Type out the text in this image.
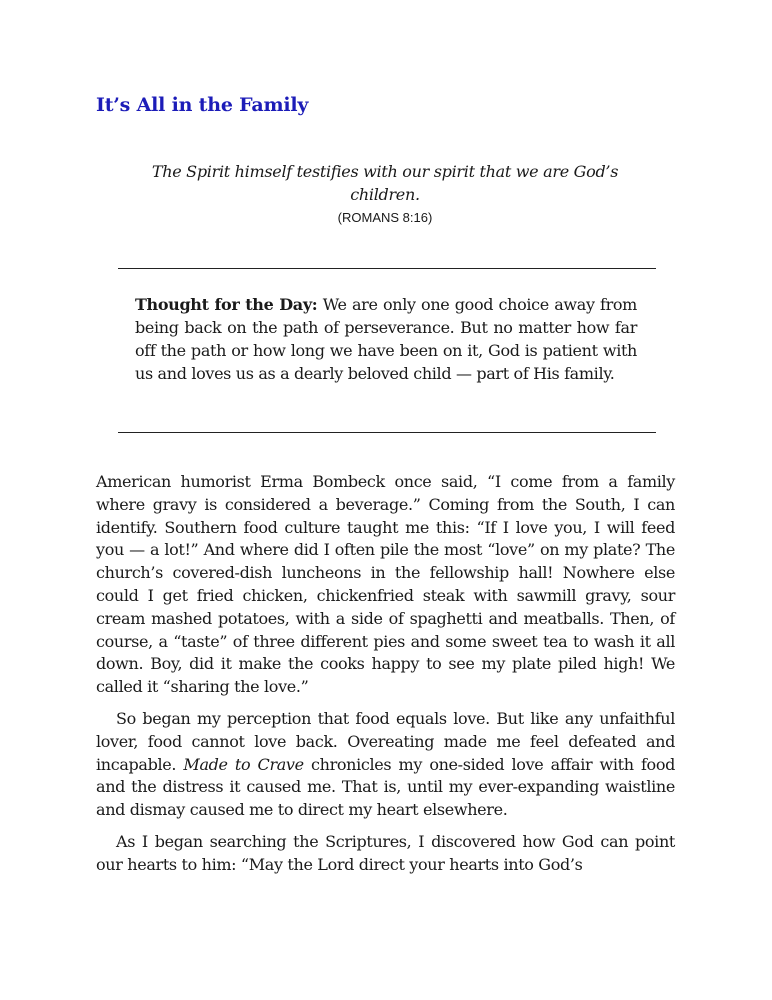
It’s All in the Family

The Spirit himself testifies with our spirit that we are God’s children.

(ROMANS 8:16)

Thought for the Day: We are only one good choice away from being back on the path of perseverance. But no matter how far off the path or how long we have been on it, God is patient with us and loves us as a dearly beloved child — part of His family.

American humorist Erma Bombeck once said, “I come from a family where gravy is considered a beverage.” Coming from the South, I can identify. Southern food culture taught me this: “If I love you, I will feed you — a lot!” And where did I often pile the most “love” on my plate? The church’s covered-dish luncheons in the fellowship hall! Nowhere else could I get fried chicken, chickenfried steak with sawmill gravy, sour cream mashed potatoes, with a side of spaghetti and meatballs. Then, of course, a “taste” of three different pies and some sweet tea to wash it all down. Boy, did it make the cooks happy to see my plate piled high! We called it “sharing the love.”

So began my perception that food equals love. But like any unfaithful lover, food cannot love back. Overeating made me feel defeated and incapable. Made to Crave chronicles my one-sided love affair with food and the distress it caused me. That is, until my ever-expanding waistline and dismay caused me to direct my heart elsewhere.

As I began searching the Scriptures, I discovered how God can point our hearts to him: “May the Lord direct your hearts into God’s
